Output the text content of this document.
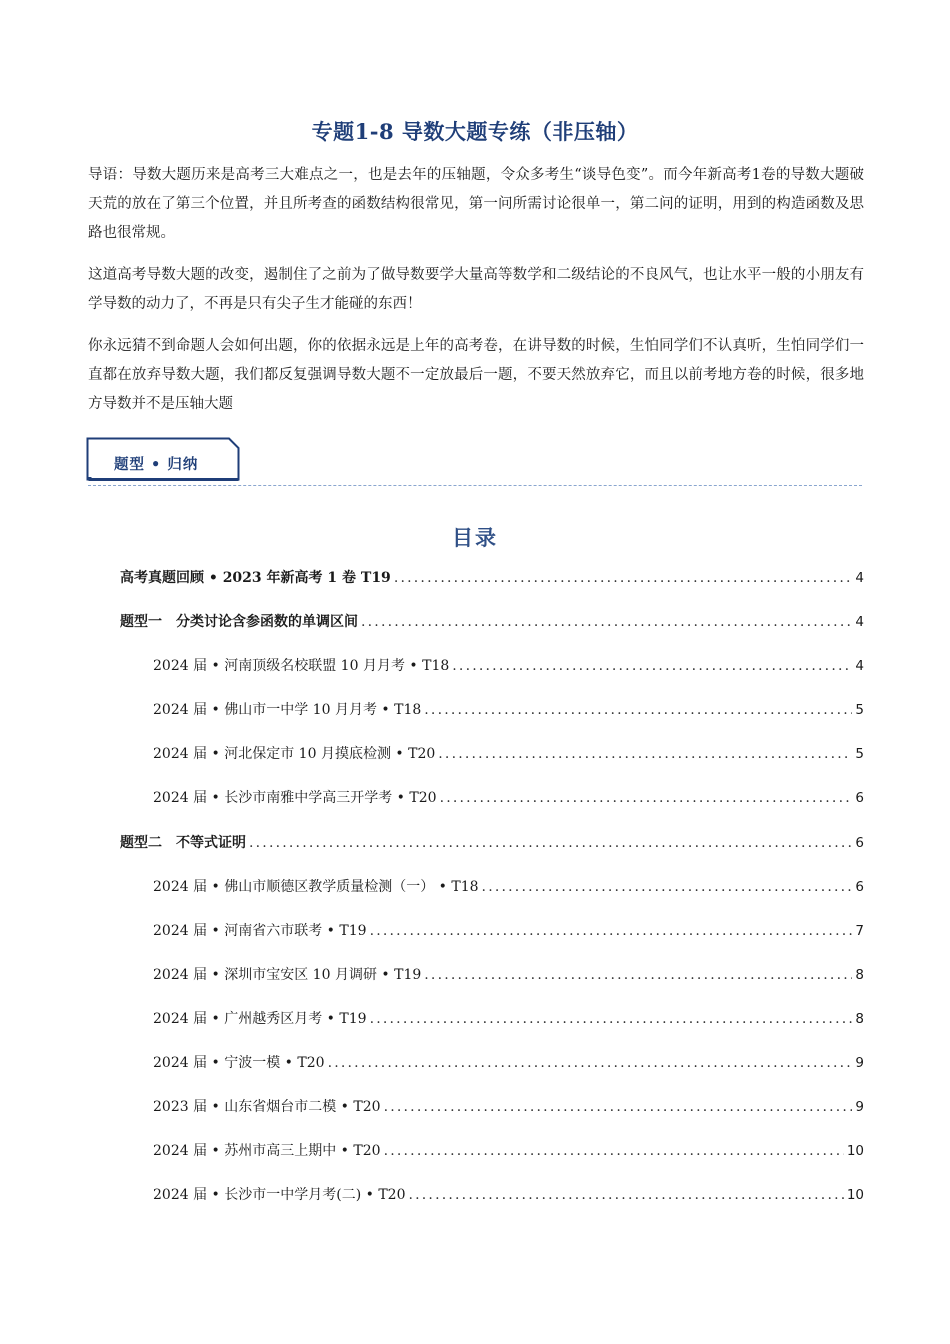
专题1-8 导数大题专练（非压轴）

导语：导数大题历来是高考三大难点之一，也是去年的压轴题，令众多考生“谈导色变”。而今年新高考1卷的导数大题破天荒的放在了第三个位置，并且所考查的函数结构很常见，第一问所需讨论很单一，第二问的证明，用到的构造函数及思路也很常规。

这道高考导数大题的改变，遏制住了之前为了做导数要学大量高等数学和二级结论的不良风气，也让水平一般的小朋友有学导数的动力了，不再是只有尖子生才能碰的东西！

你永远猜不到命题人会如何出题，你的依据永远是上年的高考卷，在讲导数的时候，生怕同学们不认真听，生怕同学们一直都在放弃导数大题，我们都反复强调导数大题不一定放最后一题，不要天然放弃它，而且以前考地方卷的时候，很多地方导数并不是压轴大题

题型 • 归纳
目录
高考真题回顾 • 2023 年新高考 1 卷 T19 .....	4
题型一　分类讨论含参函数的单调区间 .....	4
2024 届 • 河南顶级名校联盟 10 月月考 • T18 .....	4
2024 届 • 佛山市一中学 10 月月考 • T18 .....	5
2024 届 • 河北保定市 10 月摸底检测 • T20 .....	5
2024 届 • 长沙市南雅中学高三开学考 • T20 .....	6
题型二　不等式证明 .....	6
2024 届 • 佛山市顺德区教学质量检测（一） • T18 .....	6
2024 届 • 河南省六市联考 • T19 .....	7
2024 届 • 深圳市宝安区 10 月调研 • T19 .....	8
2024 届 • 广州越秀区月考 • T19 .....	8
2024 届 • 宁波一模 • T20 .....	9
2023 届 • 山东省烟台市二模 • T20 .....	9
2024 届 • 苏州市高三上期中 • T20 .....	10
2024 届 • 长沙市一中学月考(二) • T20 .....	10
